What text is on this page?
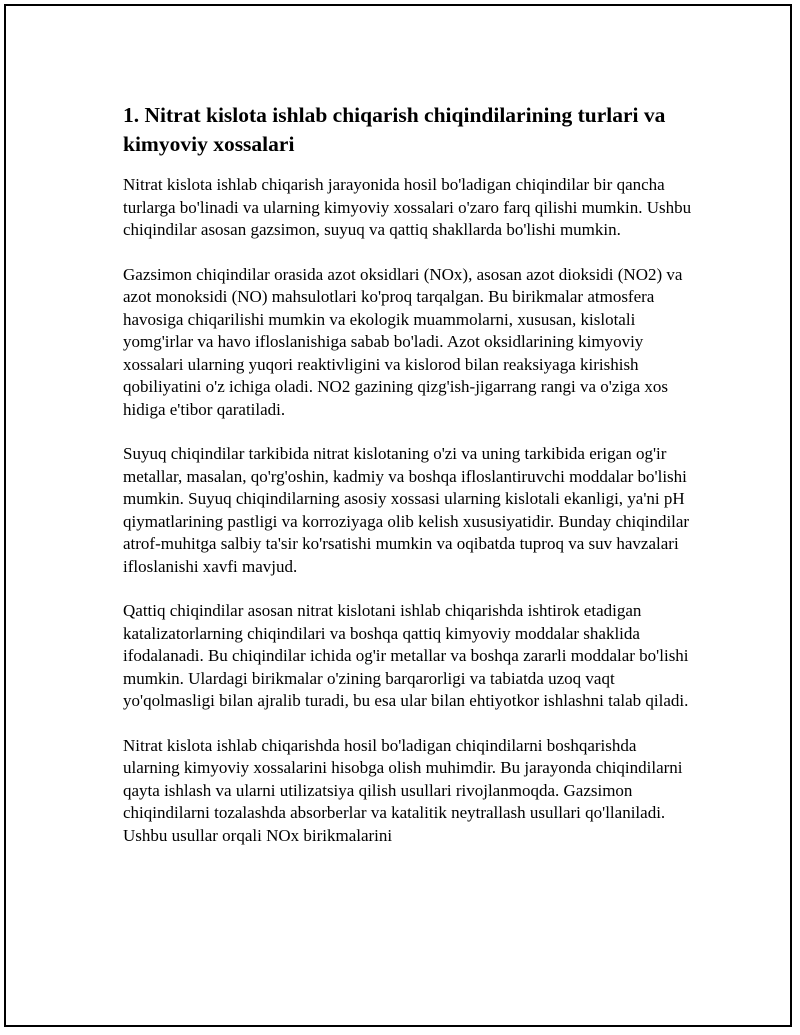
1. Nitrat kislota ishlab chiqarish chiqindilarining turlari va kimyoviy xossalari

Nitrat kislota ishlab chiqarish jarayonida hosil bo'ladigan chiqindilar bir qancha turlarga bo'linadi va ularning kimyoviy xossalari o'zaro farq qilishi mumkin. Ushbu chiqindilar asosan gazsimon, suyuq va qattiq shakllarda bo'lishi mumkin.

Gazsimon chiqindilar orasida azot oksidlari (NOx), asosan azot dioksidi (NO2) va azot monoksidi (NO) mahsulotlari ko'proq tarqalgan. Bu birikmalar atmosfera havosiga chiqarilishi mumkin va ekologik muammolarni, xususan, kislotali yomg'irlar va havo ifloslanishiga sabab bo'ladi. Azot oksidlarining kimyoviy xossalari ularning yuqori reaktivligini va kislorod bilan reaksiyaga kirishish qobiliyatini o'z ichiga oladi. NO2 gazining qizg'ish-jigarrang rangi va o'ziga xos hidiga e'tibor qaratiladi.

Suyuq chiqindilar tarkibida nitrat kislotaning o'zi va uning tarkibida erigan og'ir metallar, masalan, qo'rg'oshin, kadmiy va boshqa ifloslantiruvchi moddalar bo'lishi mumkin. Suyuq chiqindilarning asosiy xossasi ularning kislotali ekanligi, ya'ni pH qiymatlarining pastligi va korroziyaga olib kelish xususiyatidir. Bunday chiqindilar atrof-muhitga salbiy ta'sir ko'rsatishi mumkin va oqibatda tuproq va suv havzalari ifloslanishi xavfi mavjud.

Qattiq chiqindilar asosan nitrat kislotani ishlab chiqarishda ishtirok etadigan katalizatorlarning chiqindilari va boshqa qattiq kimyoviy moddalar shaklida ifodalanadi. Bu chiqindilar ichida og'ir metallar va boshqa zararli moddalar bo'lishi mumkin. Ulardagi birikmalar o'zining barqarorligi va tabiatda uzoq vaqt yo'qolmasligi bilan ajralib turadi, bu esa ular bilan ehtiyotkor ishlashni talab qiladi.

Nitrat kislota ishlab chiqarishda hosil bo'ladigan chiqindilarni boshqarishda ularning kimyoviy xossalarini hisobga olish muhimdir. Bu jarayonda chiqindilarni qayta ishlash va ularni utilizatsiya qilish usullari rivojlanmoqda. Gazsimon chiqindilarni tozalashda absorberlar va katalitik neytrallash usullari qo'llaniladi. Ushbu usullar orqali NOx birikmalarini
